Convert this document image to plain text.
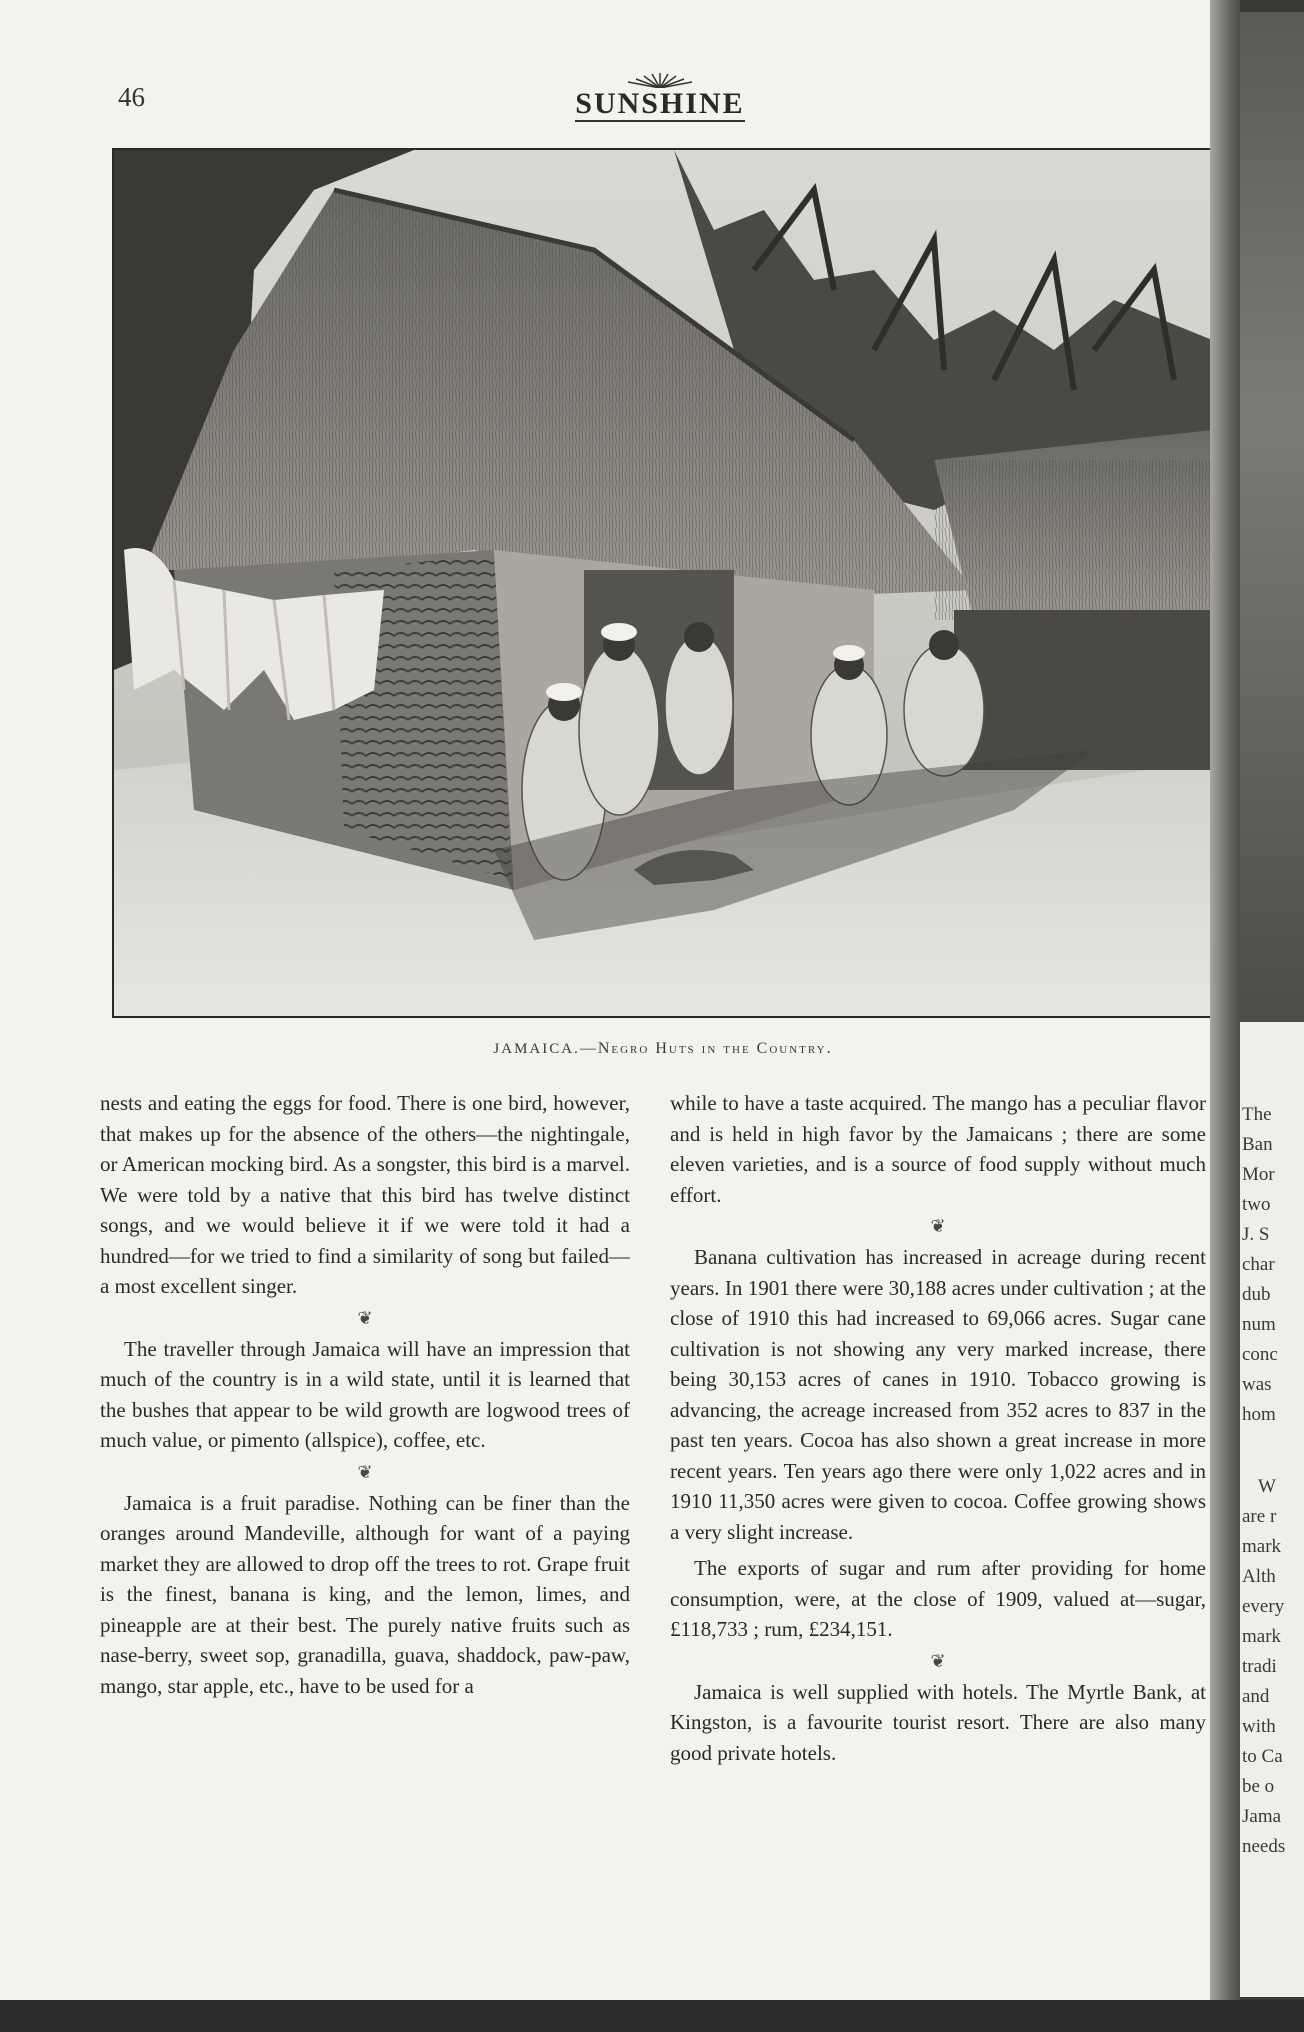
46	SUNSHINE
JAMAICA.—Negro Huts in the Country.

nests and eating the eggs for food. There is one bird, however, that makes up for the absence of the others—the nightingale, or American mocking bird. As a songster, this bird is a marvel. We were told by a native that this bird has twelve distinct songs, and we would believe it if we were told it had a hundred—for we tried to find a similarity of song but failed—a most excellent singer.

❦

The traveller through Jamaica will have an impression that much of the country is in a wild state, until it is learned that the bushes that appear to be wild growth are logwood trees of much value, or pimento (allspice), coffee, etc.

❦

Jamaica is a fruit paradise. Nothing can be finer than the oranges around Mandeville, although for want of a paying market they are allowed to drop off the trees to rot. Grape fruit is the finest, banana is king, and the lemon, limes, and pineapple are at their best. The purely native fruits such as nase-berry, sweet sop, granadilla, guava, shaddock, paw-paw, mango, star apple, etc., have to be used for a

while to have a taste acquired. The mango has a peculiar flavor and is held in high favor by the Jamaicans ; there are some eleven varieties, and is a source of food supply without much effort.

❦

Banana cultivation has increased in acreage during recent years. In 1901 there were 30,188 acres under cultivation ; at the close of 1910 this had increased to 69,066 acres. Sugar cane cultivation is not showing any very marked increase, there being 30,153 acres of canes in 1910. Tobacco growing is advancing, the acreage increased from 352 acres to 837 in the past ten years. Cocoa has also shown a great increase in more recent years. Ten years ago there were only 1,022 acres and in 1910 11,350 acres were given to cocoa. Coffee growing shows a very slight increase.

The exports of sugar and rum after providing for home consumption, were, at the close of 1909, valued at—sugar, £118,733 ; rum, £234,151.

❦

Jamaica is well supplied with hotels. The Myrtle Bank, at Kingston, is a favourite tourist resort. There are also many good private hotels.

The
Ban
Mor
two
J. S
char
dub
num
conc
was
hom
W
are r
mark
Alth
every
mark
tradi
and
with
to Ca
be o
Jama
needs
